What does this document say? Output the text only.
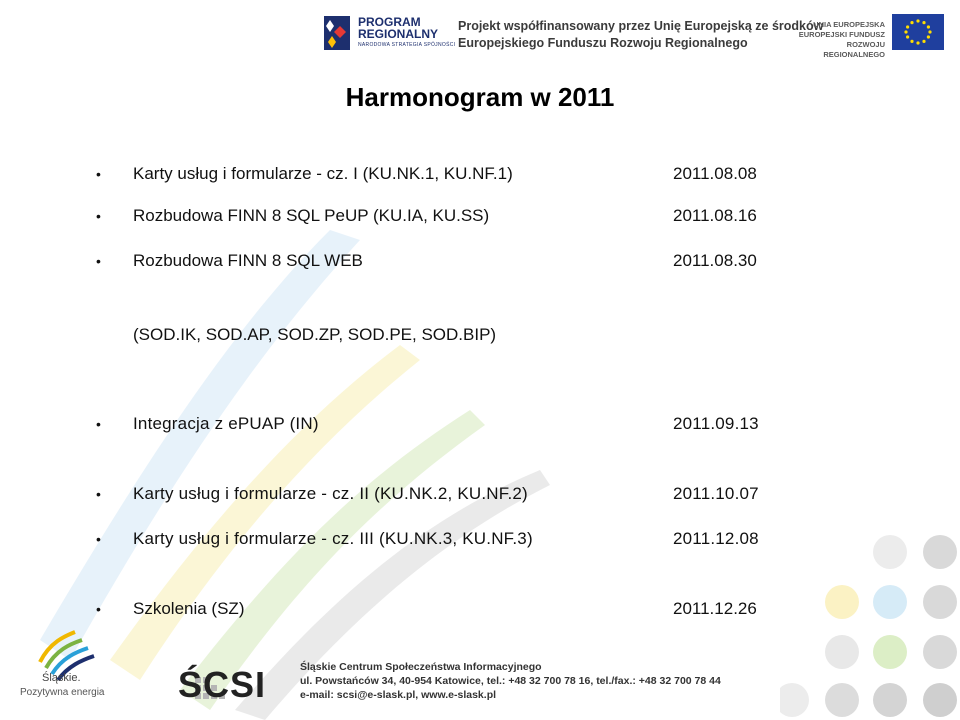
PROGRAM
REGIONALNY
NARODOWA STRATEGIA SPÓJNOŚCI
Projekt współfinansowany przez Unię Europejską ze środków
Europejskiego Funduszu Rozwoju Regionalnego
UNIA EUROPEJSKA
EUROPEJSKI FUNDUSZ
ROZWOJU REGIONALNEGO
Harmonogram w 2011
•	Karty usług i formularze - cz. I (KU.NK.1, KU.NF.1)	2011.08.08
•	Rozbudowa FINN 8 SQL PeUP (KU.IA, KU.SS)	2011.08.16
•	Rozbudowa FINN 8 SQL WEB	2011.08.30
(SOD.IK, SOD.AP, SOD.ZP, SOD.PE, SOD.BIP)
•	Integracja z ePUAP (IN)	2011.09.13
•	Karty usług i formularze - cz. II (KU.NK.2, KU.NF.2)	2011.10.07
•	Karty usług i formularze - cz. III (KU.NK.3, KU.NF.3)	2011.12.08
•	Szkolenia (SZ)	2011.12.26
Śląskie.
Pozytywna energia ŚCSI	Śląskie Centrum Społeczeństwa Informacyjnego
ul. Powstańców 34, 40-954 Katowice, tel.: +48 32 700 78 16, tel./fax.: +48 32 700 78 44
e-mail: scsi@e-slask.pl, www.e-slask.pl
